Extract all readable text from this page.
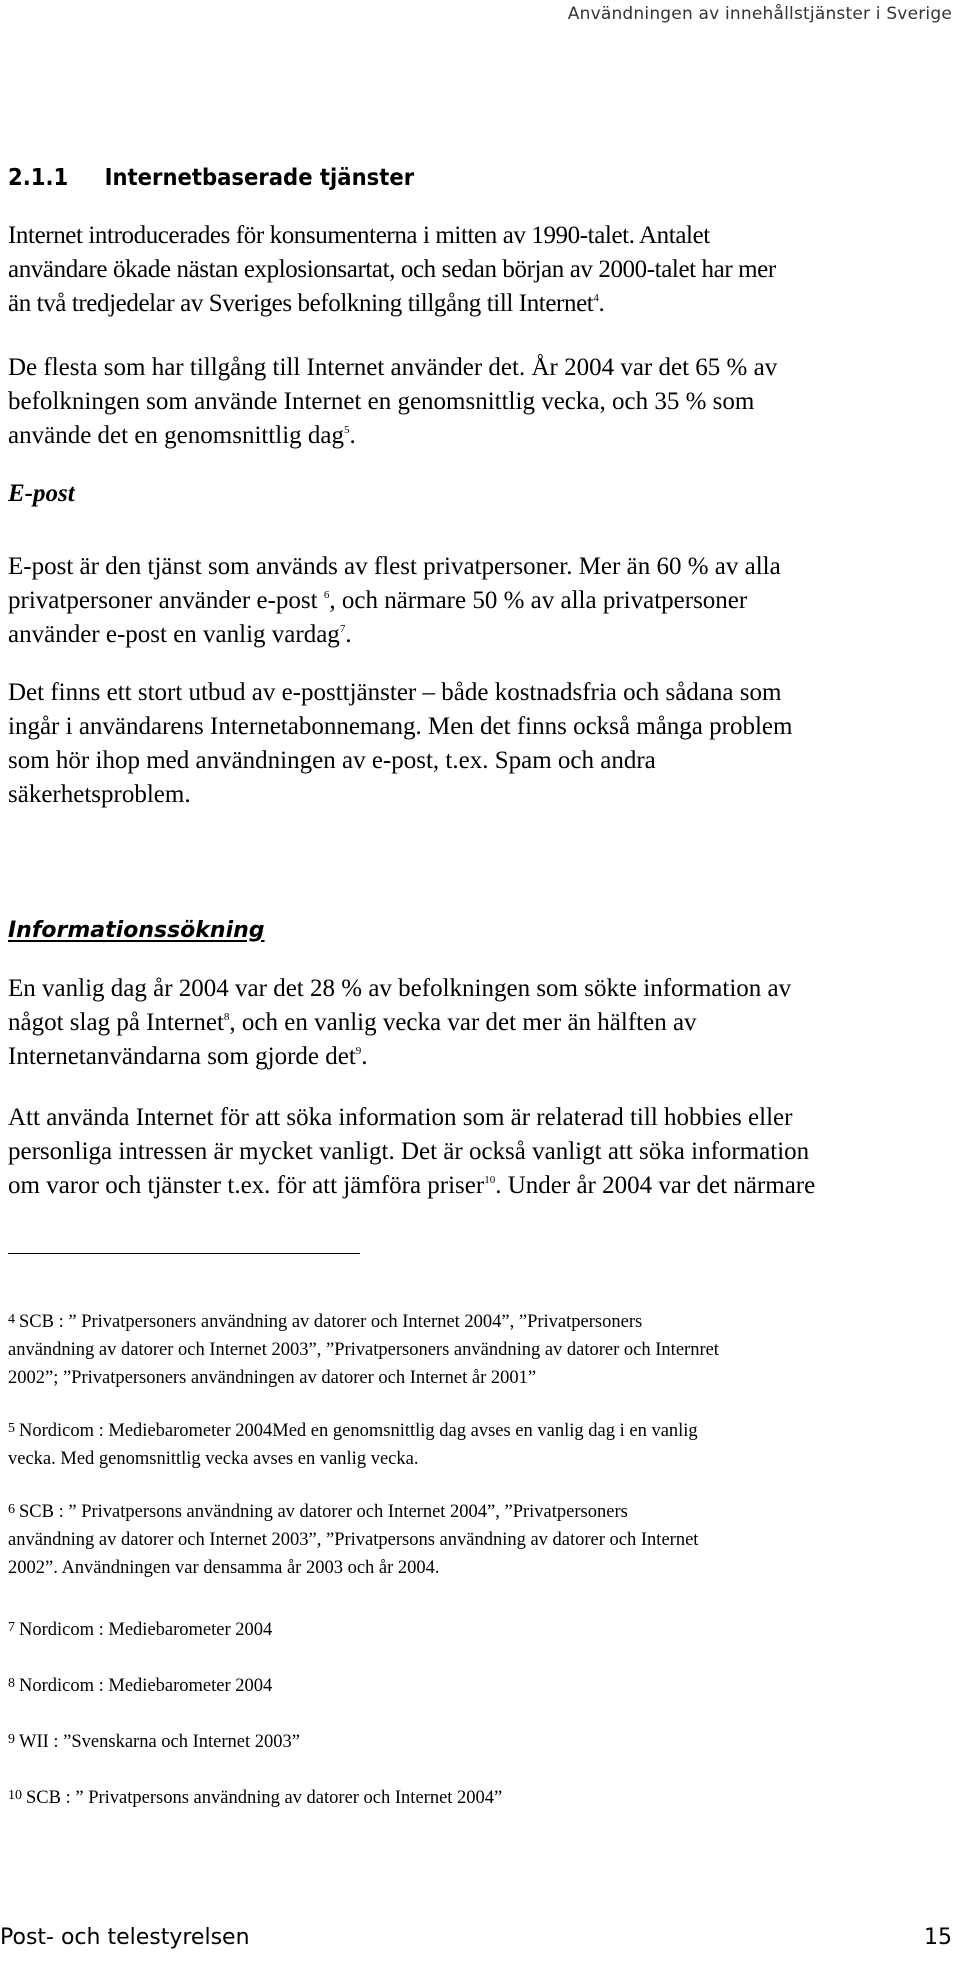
Användningen av innehållstjänster i Sverige
2.1.1 Internetbaserade tjänster
Internet introducerades för konsumenterna i mitten av 1990-talet. Antalet
användare ökade nästan explosionsartat, och sedan början av 2000-talet har mer
än två tredjedelar av Sveriges befolkning tillgång till Internet$^4$.
De flesta som har tillgång till Internet använder det. År 2004 var det 65 % av
befolkningen som använde Internet en genomsnittlig vecka, och 35 % som
använde det en genomsnittlig dag$^5$.
E-post
E-post är den tjänst som används av flest privatpersoner. Mer än 60 % av alla
privatpersoner använder e-post $^6$, och närmare 50 % av alla privatpersoner
använder e-post en vanlig vardag$^7$.
Det finns ett stort utbud av e-posttjänster – både kostnadsfria och sådana som
ingår i användarens Internetabonnemang. Men det finns också många problem
som hör ihop med användningen av e-post, t.ex. Spam och andra
säkerhetsproblem.
Informationssökning
En vanlig dag år 2004 var det 28 % av befolkningen som sökte information av
något slag på Internet$^8$, och en vanlig vecka var det mer än hälften av
Internetanvändarna som gjorde $\det^9$.
Att använda Internet för att söka information som är relaterad till hobbies eller
personliga intressen är mycket vanligt. Det är också vanligt att söka information
om varor och tjänster t.ex. för att jämföra priser$^{10}$. Under år 2004 var det närmare
$^4$ SCB : ” Privatpersoners användning av datorer och Internet 2004”, ”Privatpersoners
användning av datorer och Internet 2003”, ”Privatpersoners användning av datorer och Internret
2002”; ”Privatpersoners användningen av datorer och Internet år 2001”
$^5$ Nordicom : Mediebarometer 2004Med en genomsnittlig dag avses en vanlig dag i en vanlig
vecka. Med genomsnittlig vecka avses en vanlig vecka.
$^6$ SCB : ” Privatpersons användning av datorer och Internet 2004”, ”Privatpersoners
användning av datorer och Internet 2003”, ”Privatpersons användning av datorer och Internet
2002”. Användningen var densamma år 2003 och år 2004.
$^7$ Nordicom : Mediebarometer 2004
$^8$ Nordicom : Mediebarometer 2004
$^9$ WII : ”Svenskarna och Internet 2003”
$^{10}$ SCB : ” Privatpersons användning av datorer och Internet 2004”
Post- och telestyrelsen	15
